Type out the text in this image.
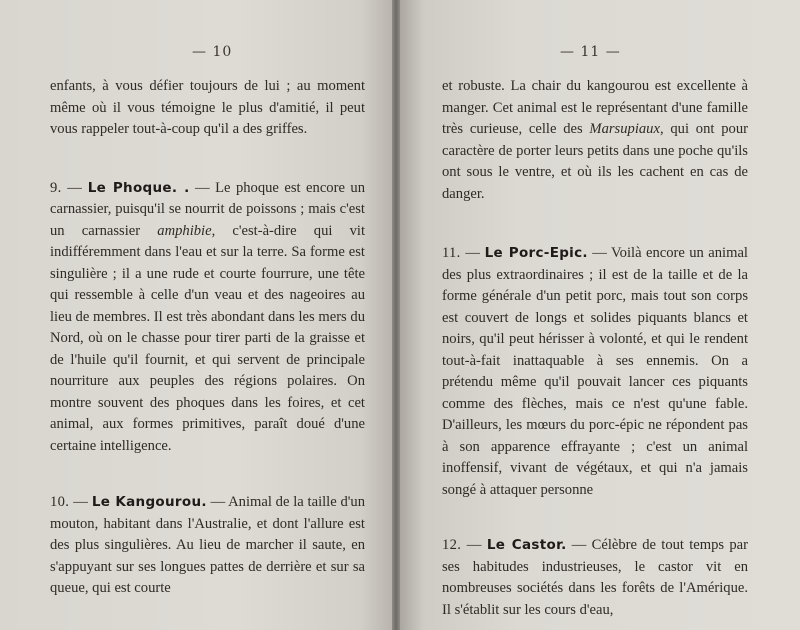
— 10

enfants, à vous défier toujours de lui ; au moment même où il vous témoigne le plus d'amitié, il peut vous rappeler tout-à-coup qu'il a des griffes.

9. — Le Phoque. . — Le phoque est encore un carnassier, puisqu'il se nourrit de poissons ; mais c'est un carnassier amphibie, c'est-à-dire qui vit indifféremment dans l'eau et sur la terre. Sa forme est singulière ; il a une rude et courte fourrure, une tête qui ressemble à celle d'un veau et des nageoires au lieu de membres. Il est très abondant dans les mers du Nord, où on le chasse pour tirer parti de la graisse et de l'huile qu'il fournit, et qui servent de principale nourriture aux peuples des régions polaires. On montre souvent des phoques dans les foires, et cet animal, aux formes primitives, paraît doué d'une certaine intelligence.

10. — Le Kangourou. — Animal de la taille d'un mouton, habitant dans l'Australie, et dont l'allure est des plus singulières. Au lieu de marcher il saute, en s'appuyant sur ses longues pattes de derrière et sur sa queue, qui est courte

— 11 —

et robuste. La chair du kangourou est excellente à manger. Cet animal est le représentant d'une famille très curieuse, celle des Marsupiaux, qui ont pour caractère de porter leurs petits dans une poche qu'ils ont sous le ventre, et où ils les cachent en cas de danger.

11. — Le Porc-Epic. — Voilà encore un animal des plus extraordinaires ; il est de la taille et de la forme générale d'un petit porc, mais tout son corps est couvert de longs et solides piquants blancs et noirs, qu'il peut hérisser à volonté, et qui le rendent tout-à-fait inattaquable à ses ennemis. On a prétendu même qu'il pouvait lancer ces piquants comme des flèches, mais ce n'est qu'une fable. D'ailleurs, les mœurs du porc-épic ne répondent pas à son apparence effrayante ; c'est un animal inoffensif, vivant de végétaux, et qui n'a jamais songé à attaquer personne

12. — Le Castor. — Célèbre de tout temps par ses habitudes industrieuses, le castor vit en nombreuses sociétés dans les forêts de l'Amérique. Il s'établit sur les cours d'eau,
